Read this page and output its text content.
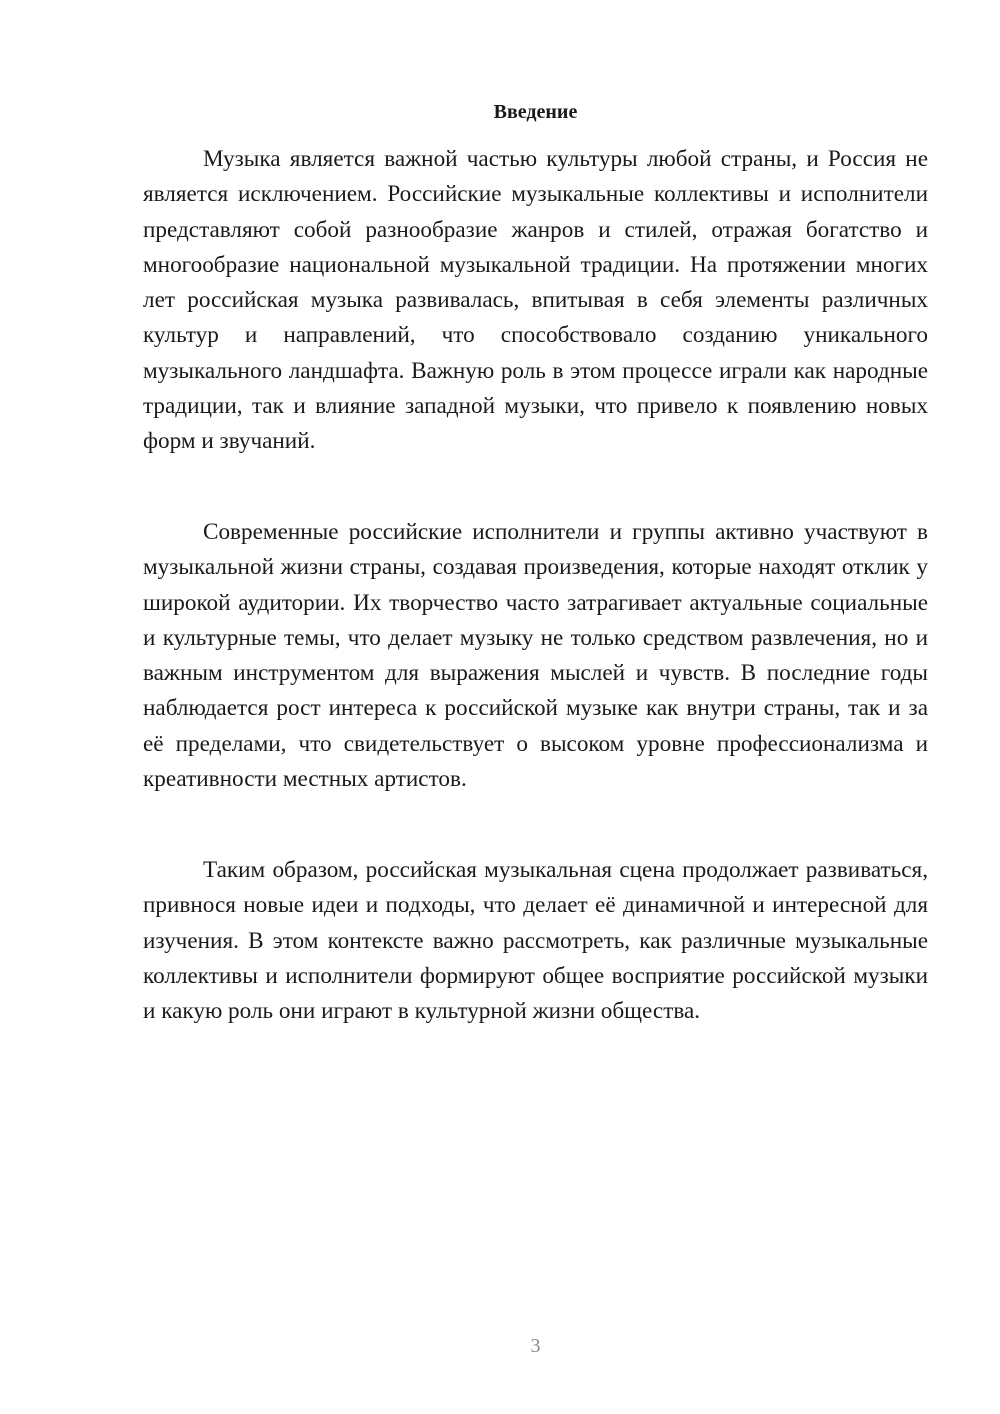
Введение

Музыка является важной частью культуры любой страны, и Россия не является исключением. Российские музыкальные коллективы и исполнители представляют собой разнообразие жанров и стилей, отражая богатство и многообразие национальной музыкальной традиции. На протяжении многих лет российская музыка развивалась, впитывая в себя элементы различных культур и направлений, что способствовало созданию уникального музыкального ландшафта. Важную роль в этом процессе играли как народные традиции, так и влияние западной музыки, что привело к появлению новых форм и звучаний.

Современные российские исполнители и группы активно участвуют в музыкальной жизни страны, создавая произведения, которые находят отклик у широкой аудитории. Их творчество часто затрагивает актуальные социальные и культурные темы, что делает музыку не только средством развлечения, но и важным инструментом для выражения мыслей и чувств. В последние годы наблюдается рост интереса к российской музыке как внутри страны, так и за её пределами, что свидетельствует о высоком уровне профессионализма и креативности местных артистов.

Таким образом, российская музыкальная сцена продолжает развиваться, привнося новые идеи и подходы, что делает её динамичной и интересной для изучения. В этом контексте важно рассмотреть, как различные музыкальные коллективы и исполнители формируют общее восприятие российской музыки и какую роль они играют в культурной жизни общества.

3
